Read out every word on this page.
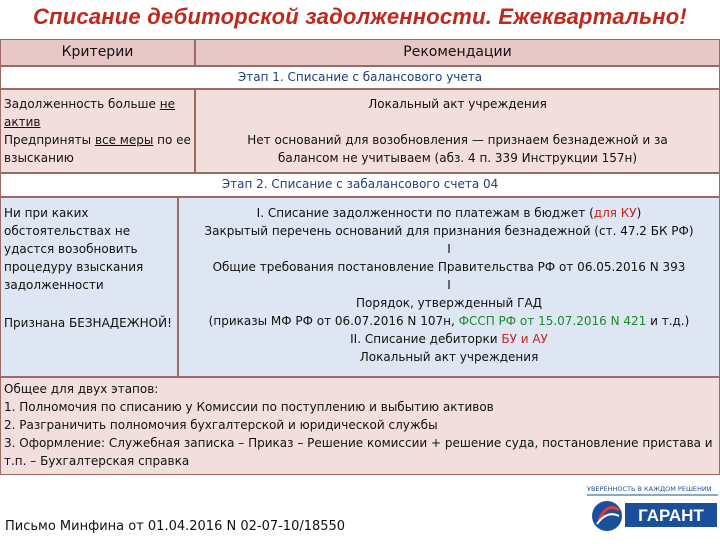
Списание дебиторской задолженности. Ежеквартально!
Критерии	Рекомендации
Этап 1. Списание с балансового учета
Задолженность больше не актив
Предприняты все меры по ее взысканию
Локальный акт учреждения
Нет оснований для возобновления — признаем безнадежной и за балансом не учитываем (абз. 4 п. 339 Инструкции 157н)
Этап 2. Списание с забалансового счета 04
Ни при каких обстоятельствах не удастся возобновить процедуру взыскания задолженности
Признана БЕЗНАДЕЖНОЙ!
I. Списание задолженности по платежам в бюджет (для КУ)
Закрытый перечень оснований для признания безнадежной (ст. 47.2 БК РФ)
I
Общие требования постановление Правительства РФ от 06.05.2016 N 393
I
Порядок, утвержденный ГАД
(приказы МФ РФ от 06.07.2016 N 107н, ФССП РФ от 15.07.2016 N 421 и т.д.)
II. Списание дебиторки БУ и АУ
Локальный акт учреждения
Общее для двух этапов:
1. Полномочия по списанию у Комиссии по поступлению и выбытию активов
2. Разграничить полномочия бухгалтерской и юридической службы
3. Оформление: Служебная записка – Приказ – Решение комиссии + решение суда, постановление пристава и т.п. – Бухгалтерская справка
Письмо Минфина от 01.04.2016 N 02-07-10/18550
УВЕРЕННОСТЬ В КАЖДОМ РЕШЕНИИ
ГАРАНТ
